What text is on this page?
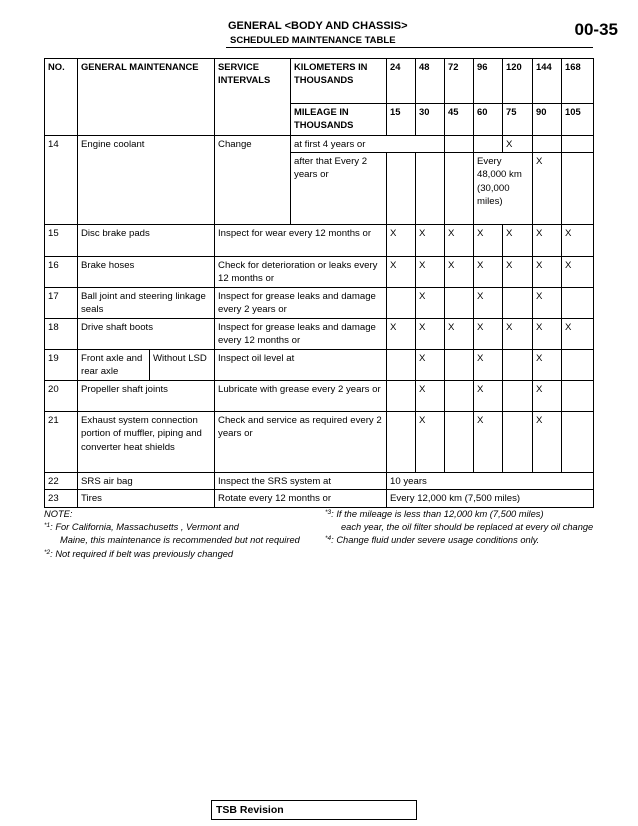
GENERAL <BODY AND CHASSIS>
SCHEDULED MAINTENANCE TABLE
00-35
NO.	GENERAL MAINTENANCE		SERVICE INTERVALS	KILOMETERS IN THOUSANDS	24	48	72	96	120	144	168
				MILEAGE IN THOUSANDS	15	30	45	60	75	90	105
14	Engine coolant		Change	at first 4 years or					X		
				after that Every 2 years or				Every 48,000 km (30,000 miles)		X	
15	Disc brake pads		Inspect for wear every 12 months or		X	X	X	X	X	X	X
16	Brake hoses		Check for deterioration or leaks every 12 months or		X	X	X	X	X	X	X
17	Ball joint and steering linkage seals		Inspect for grease leaks and damage every 2 years or			X		X		X	
18	Drive shaft boots		Inspect for grease leaks and damage every 12 months or		X	X	X	X	X	X	X
19	Front axle and rear axle	Without LSD	Inspect oil level at			X		X		X	
20	Propeller shaft joints		Lubricate with grease every 2 years or			X		X		X	
21	Exhaust system connection portion of muffler, piping and converter heat shields		Check and service as required every 2 years or			X		X		X	
22	SRS air bag		Inspect the SRS system at		10 years						
23	Tires		Rotate every 12 months or		Every 12,000 km (7,500 miles)						
NOTE:
$^{*1}$: For California, Massachusetts , Vermont and
Maine, this maintenance is recommended but not required
$^{*2}$: Not required if belt was previously changed
$^{*3}$: If the mileage is less than 12,000 km (7,500 miles)
each year, the oil filter should be replaced at every oil change
$^{*4}$: Change fluid under severe usage conditions only.
TSB Revision
